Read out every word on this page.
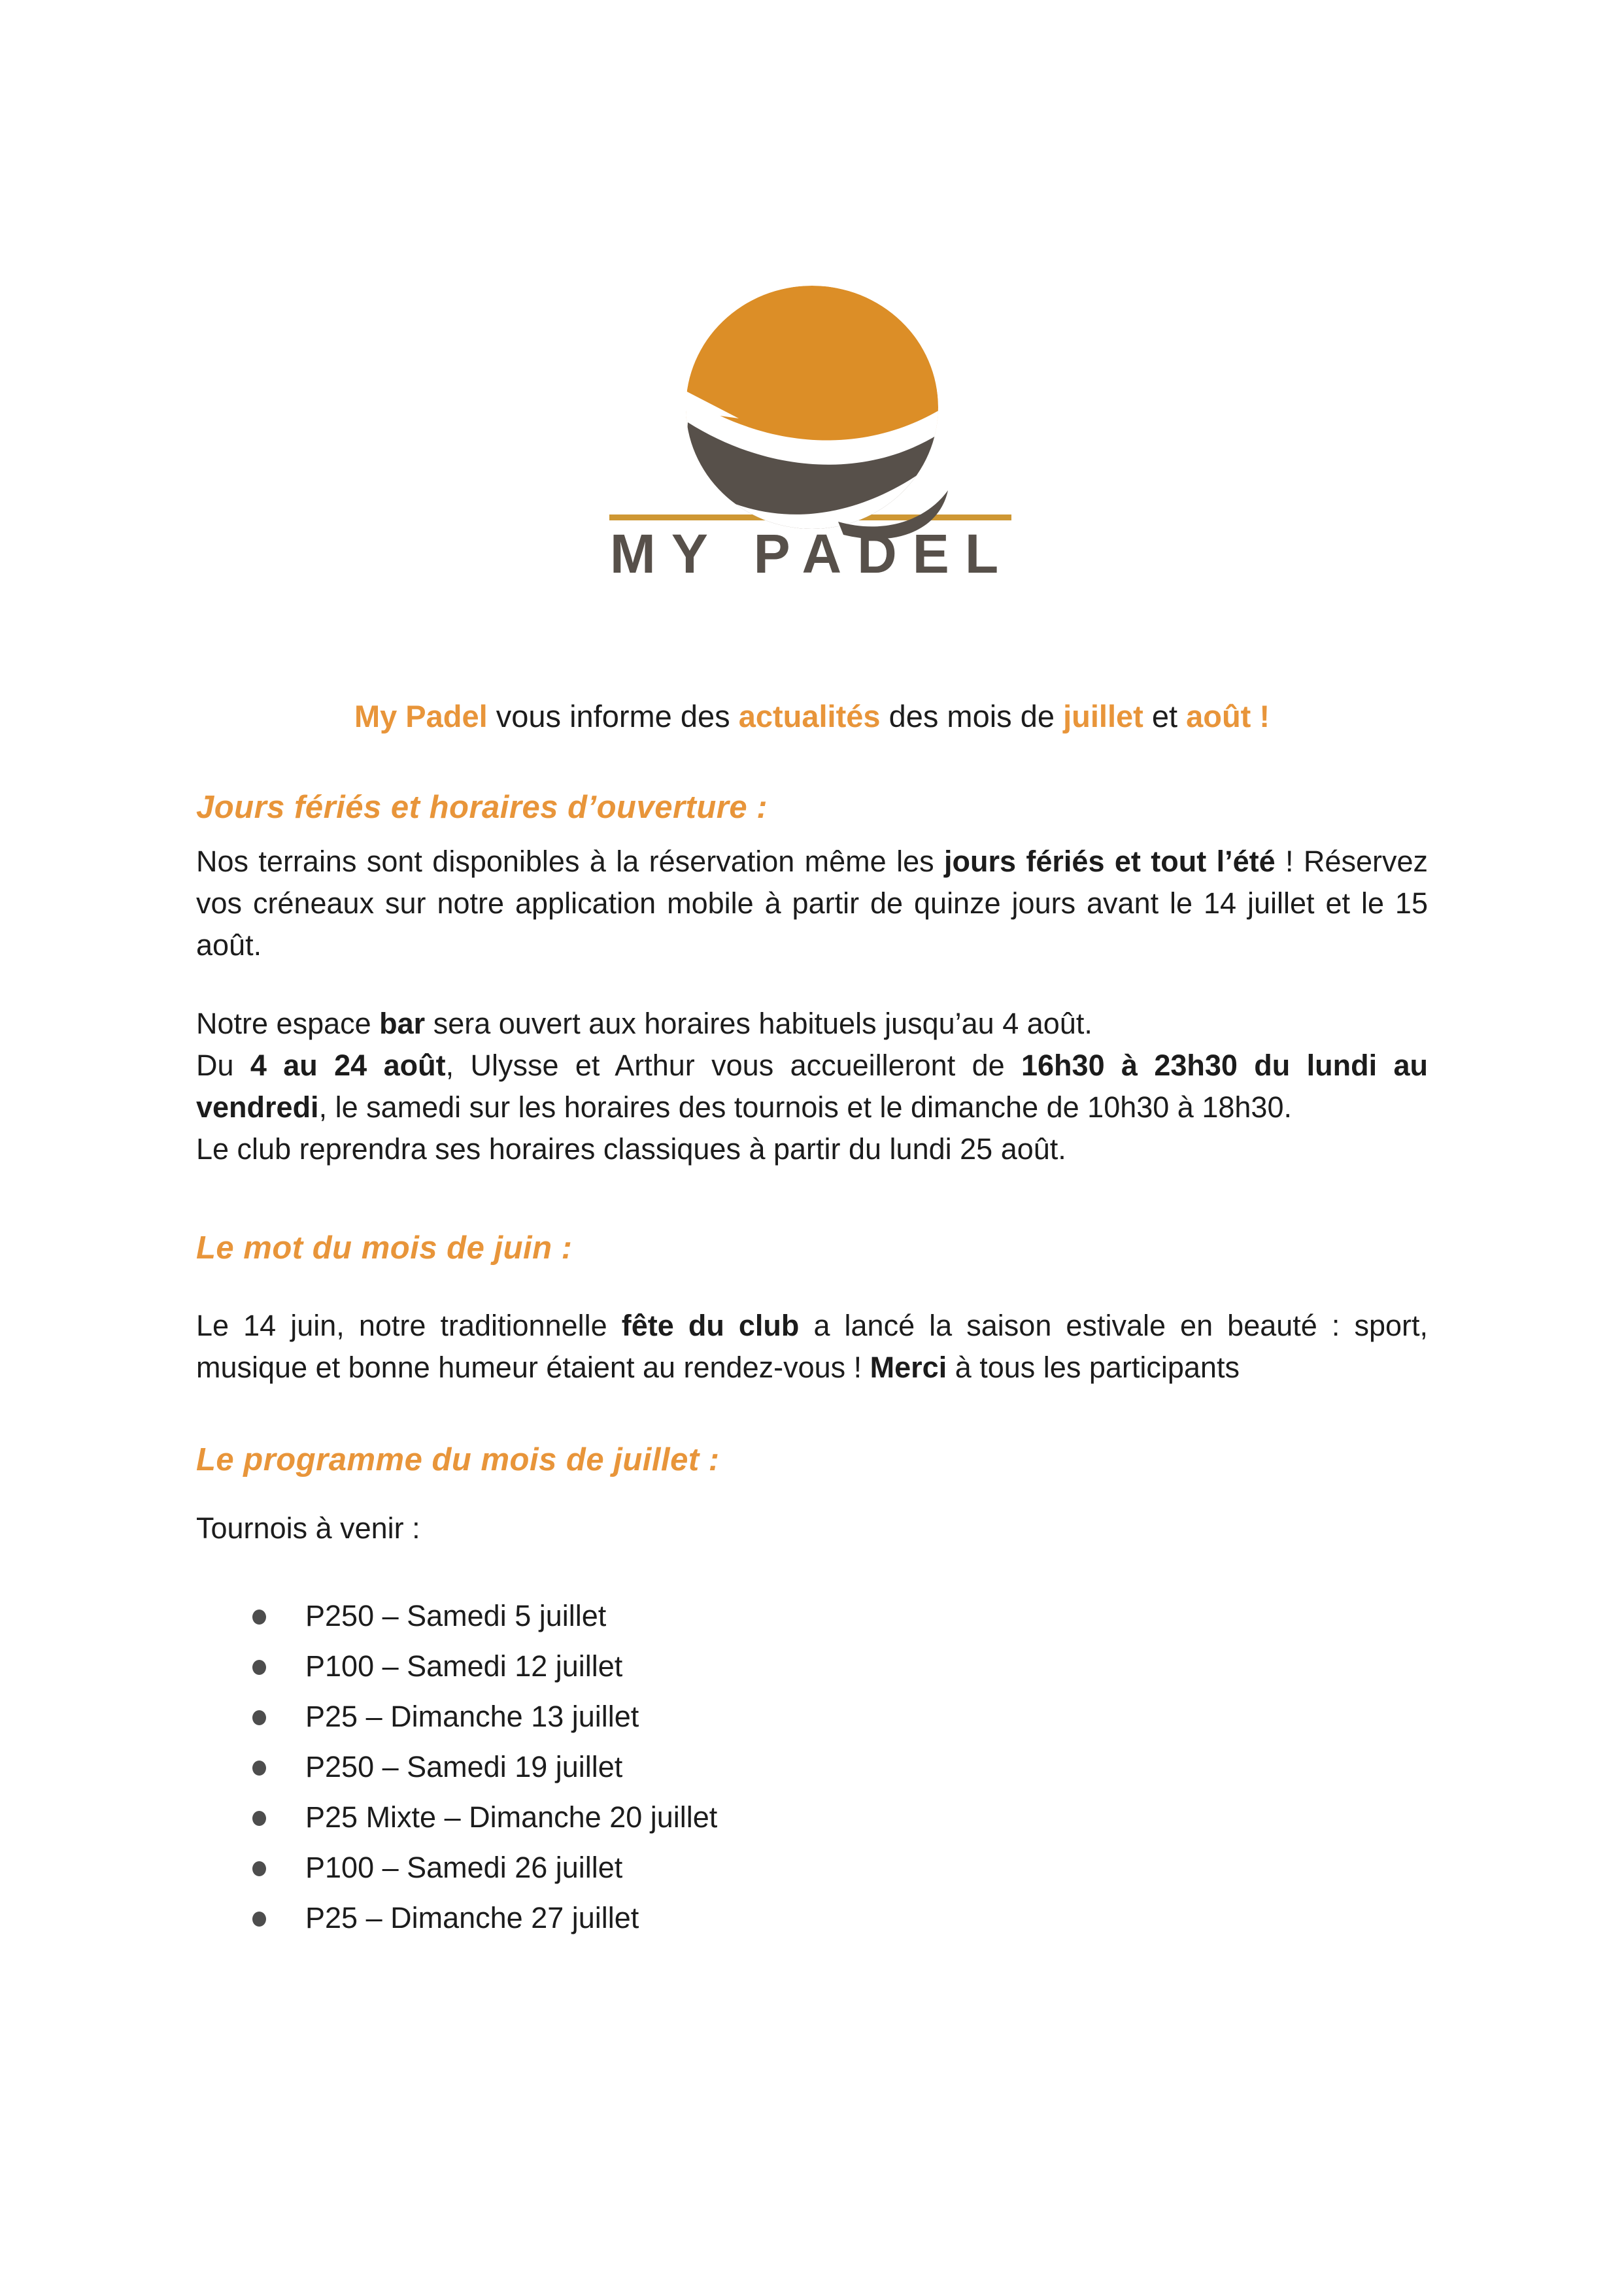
MY PADEL
My Padel vous informe des actualités des mois de juillet et août !
Jours fériés et horaires d’ouverture :

Nos terrains sont disponibles à la réservation même les jours fériés et tout l’été ! Réservez vos créneaux sur notre application mobile à partir de quinze jours avant le 14 juillet et le 15 août.

Notre espace bar sera ouvert aux horaires habituels jusqu’au 4 août.
Du 4 au 24 août, Ulysse et Arthur vous accueilleront de 16h30 à 23h30 du lundi au vendredi, le samedi sur les horaires des tournois et le dimanche de 10h30 à 18h30.
Le club reprendra ses horaires classiques à partir du lundi 25 août.

Le mot du mois de juin :

Le 14 juin, notre traditionnelle fête du club a lancé la saison estivale en beauté : sport, musique et bonne humeur étaient au rendez-vous ! Merci à tous les participants

Le programme du mois de juillet :
Tournois à venir :
P250 – Samedi 5 juillet
P100 – Samedi 12 juillet
P25 – Dimanche 13 juillet
P250 – Samedi 19 juillet
P25 Mixte – Dimanche 20 juillet
P100 – Samedi 26 juillet
P25 – Dimanche 27 juillet
